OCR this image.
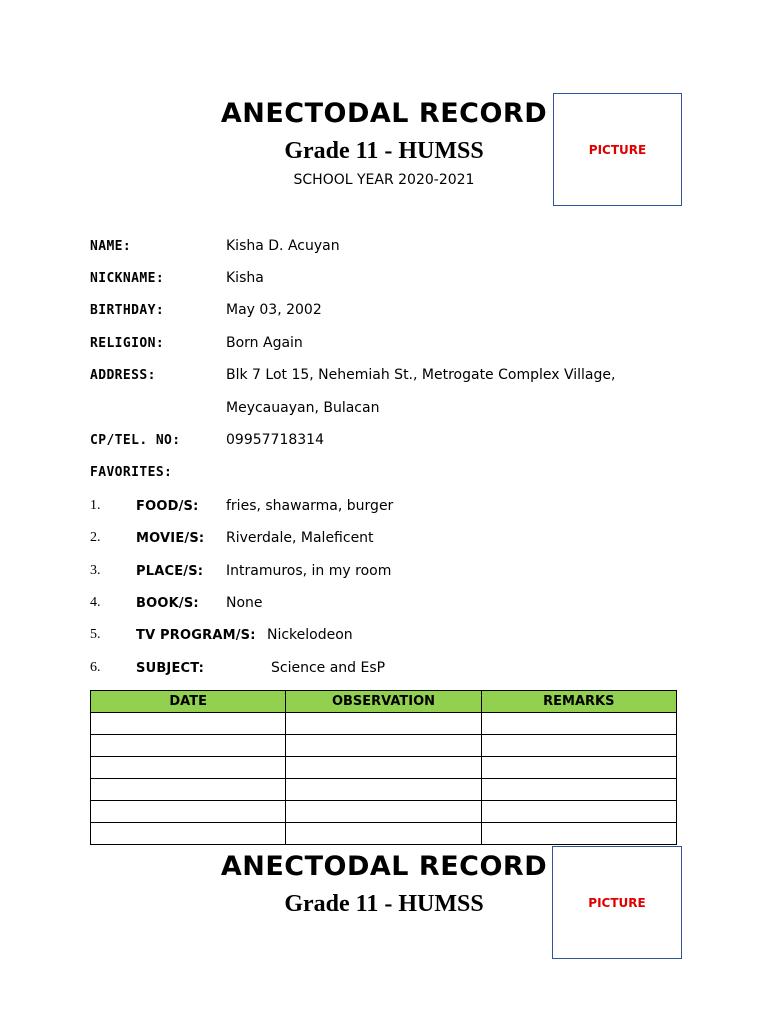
ANECTODAL RECORD
Grade 11 - HUMSS
SCHOOL YEAR 2020-2021
PICTURE
NAME:	Kisha D. Acuyan
NICKNAME:	Kisha
BIRTHDAY:	May 03, 2002
RELIGION:	Born Again
ADDRESS:	Blk 7 Lot 15, Nehemiah St., Metrogate Complex Village,
Meycauayan, Bulacan
CP/TEL. NO:	09957718314
FAVORITES:
1.	FOOD/S: fries, shawarma, burger
2.	MOVIE/S: Riverdale, Maleficent
3.	PLACE/S: Intramuros, in my room
4.	BOOK/S: None
5.	TV PROGRAM/S: Nickelodeon
6.	SUBJECT:	Science and EsP
DATE	OBSERVATION	REMARKS

ANECTODAL RECORD
Grade 11 - HUMSS	PICTURE
